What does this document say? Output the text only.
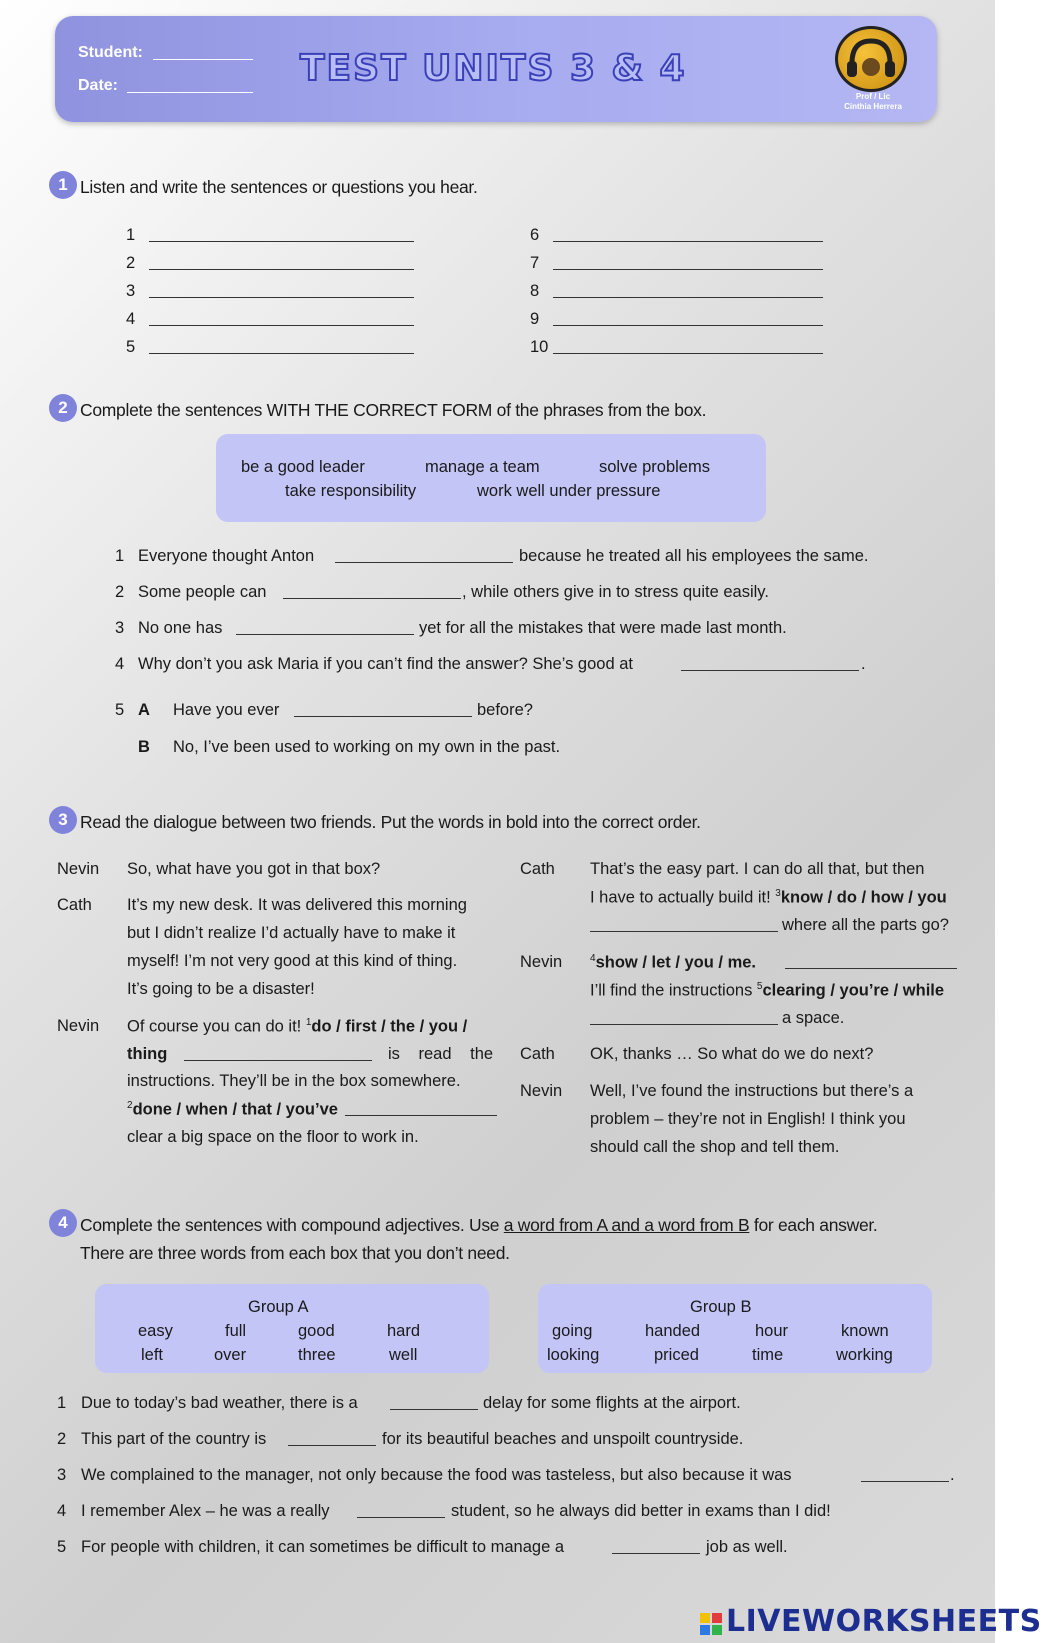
Student:
Date:	TEST UNITS 3 & 4
Prof / Lic
Cinthia Herrera
1 Listen and write the sentences or questions you hear.
1
2
3
4
5
6
7
8
9
10
2 Complete the sentences WITH THE CORRECT FORM of the phrases from the box.
be a good leader	manage a team	solve problems
take responsibility	work well under pressure
1 Everyone thought Anton	because he treated all his employees the same.
2 Some people can	, while others give in to stress quite easily.
3 No one has	yet for all the mistakes that were made last month.
4 Why don’t you ask Maria if you can’t find the answer? She’s good at	.
5 A Have you ever	before?
B No, I’ve been used to working on my own in the past.
3 Read the dialogue between two friends. Put the words in bold into the correct order.
Nevin So, what have you got in that box?
Cath It’s my new desk. It was delivered this morning
but I didn’t realize I’d actually have to make it
myself! I’m not very good at this kind of thing.
It’s going to be a disaster!
Nevin Of course you can do it! $^1$do / first / the / you /
thing	is read the
instructions. They’ll be in the box somewhere.
$^2$done / when / that / you’ve
clear a big space on the floor to work in.
Cath That’s the easy part. I can do all that, but then
I have to actually build it! $^3$know / do / how / you
where all the parts go?
Nevin	$^4$show / let / you / me.
I’ll find the instructions $^5$clearing / you’re / while
a space.
Cath OK, thanks … So what do we do next?
Nevin Well, I’ve found the instructions but there’s a
problem – they’re not in English! I think you
should call the shop and tell them.
4 Complete the sentences with compound adjectives. Use a word from A and a word from B for each answer.
There are three words from each box that you don’t need.
Group A
easy	full	good	hard
left	over	three	well
Group B
going	handed	hour	known
looking	priced	time	working
1 Due to today’s bad weather, there is a	delay for some flights at the airport.
2 This part of the country is	for its beautiful beaches and unspoilt countryside.
3 We complained to the manager, not only because the food was tasteless, but also because it was	.
4 I remember Alex – he was a really	student, so he always did better in exams than I did!
5 For people with children, it can sometimes be difficult to manage a	job as well.
LIVEWORKSHEETS
